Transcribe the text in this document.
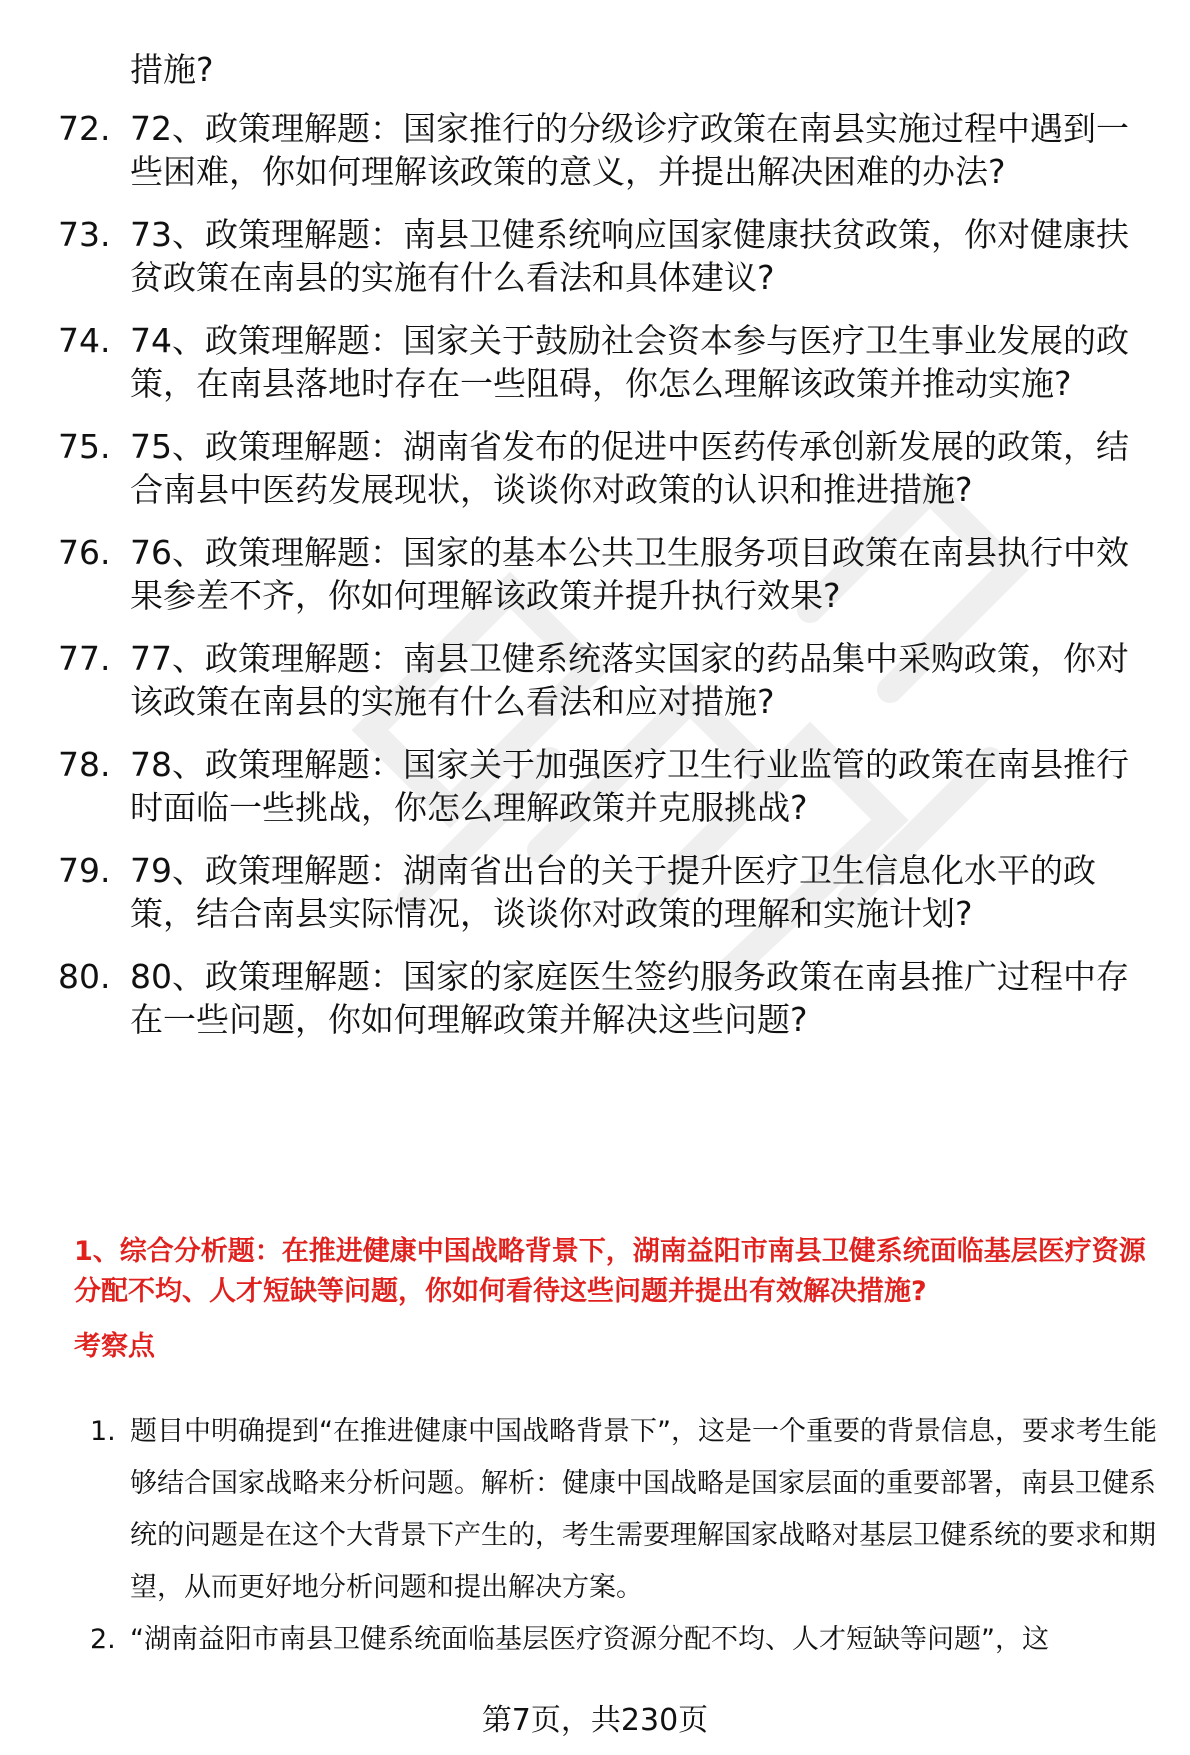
措施?
72. 72、政策理解题：国家推行的分级诊疗政策在南县实施过程中遇到一些困难，你如何理解该政策的意义，并提出解决困难的办法?
73. 73、政策理解题：南县卫健系统响应国家健康扶贫政策，你对健康扶贫政策在南县的实施有什么看法和具体建议?
74. 74、政策理解题：国家关于鼓励社会资本参与医疗卫生事业发展的政策，在南县落地时存在一些阻碍，你怎么理解该政策并推动实施?
75. 75、政策理解题：湖南省发布的促进中医药传承创新发展的政策，结合南县中医药发展现状，谈谈你对政策的认识和推进措施?
76. 76、政策理解题：国家的基本公共卫生服务项目政策在南县执行中效果参差不齐，你如何理解该政策并提升执行效果?
77. 77、政策理解题：南县卫健系统落实国家的药品集中采购政策，你对该政策在南县的实施有什么看法和应对措施?
78. 78、政策理解题：国家关于加强医疗卫生行业监管的政策在南县推行时面临一些挑战，你怎么理解政策并克服挑战?
79. 79、政策理解题：湖南省出台的关于提升医疗卫生信息化水平的政策，结合南县实际情况，谈谈你对政策的理解和实施计划?
80. 80、政策理解题：国家的家庭医生签约服务政策在南县推广过程中存在一些问题，你如何理解政策并解决这些问题?
1、综合分析题：在推进健康中国战略背景下，湖南益阳市南县卫健系统面临基层医疗资源分配不均、人才短缺等问题，你如何看待这些问题并提出有效解决措施?
考察点
1. 题目中明确提到“在推进健康中国战略背景下”，这是一个重要的背景信息，要求考生能够结合国家战略来分析问题。解析：健康中国战略是国家层面的重要部署，南县卫健系统的问题是在这个大背景下产生的，考生需要理解国家战略对基层卫健系统的要求和期望，从而更好地分析问题和提出解决方案。
2. “湖南益阳市南县卫健系统面临基层医疗资源分配不均、人才短缺等问题”，这
第7页，共230页
